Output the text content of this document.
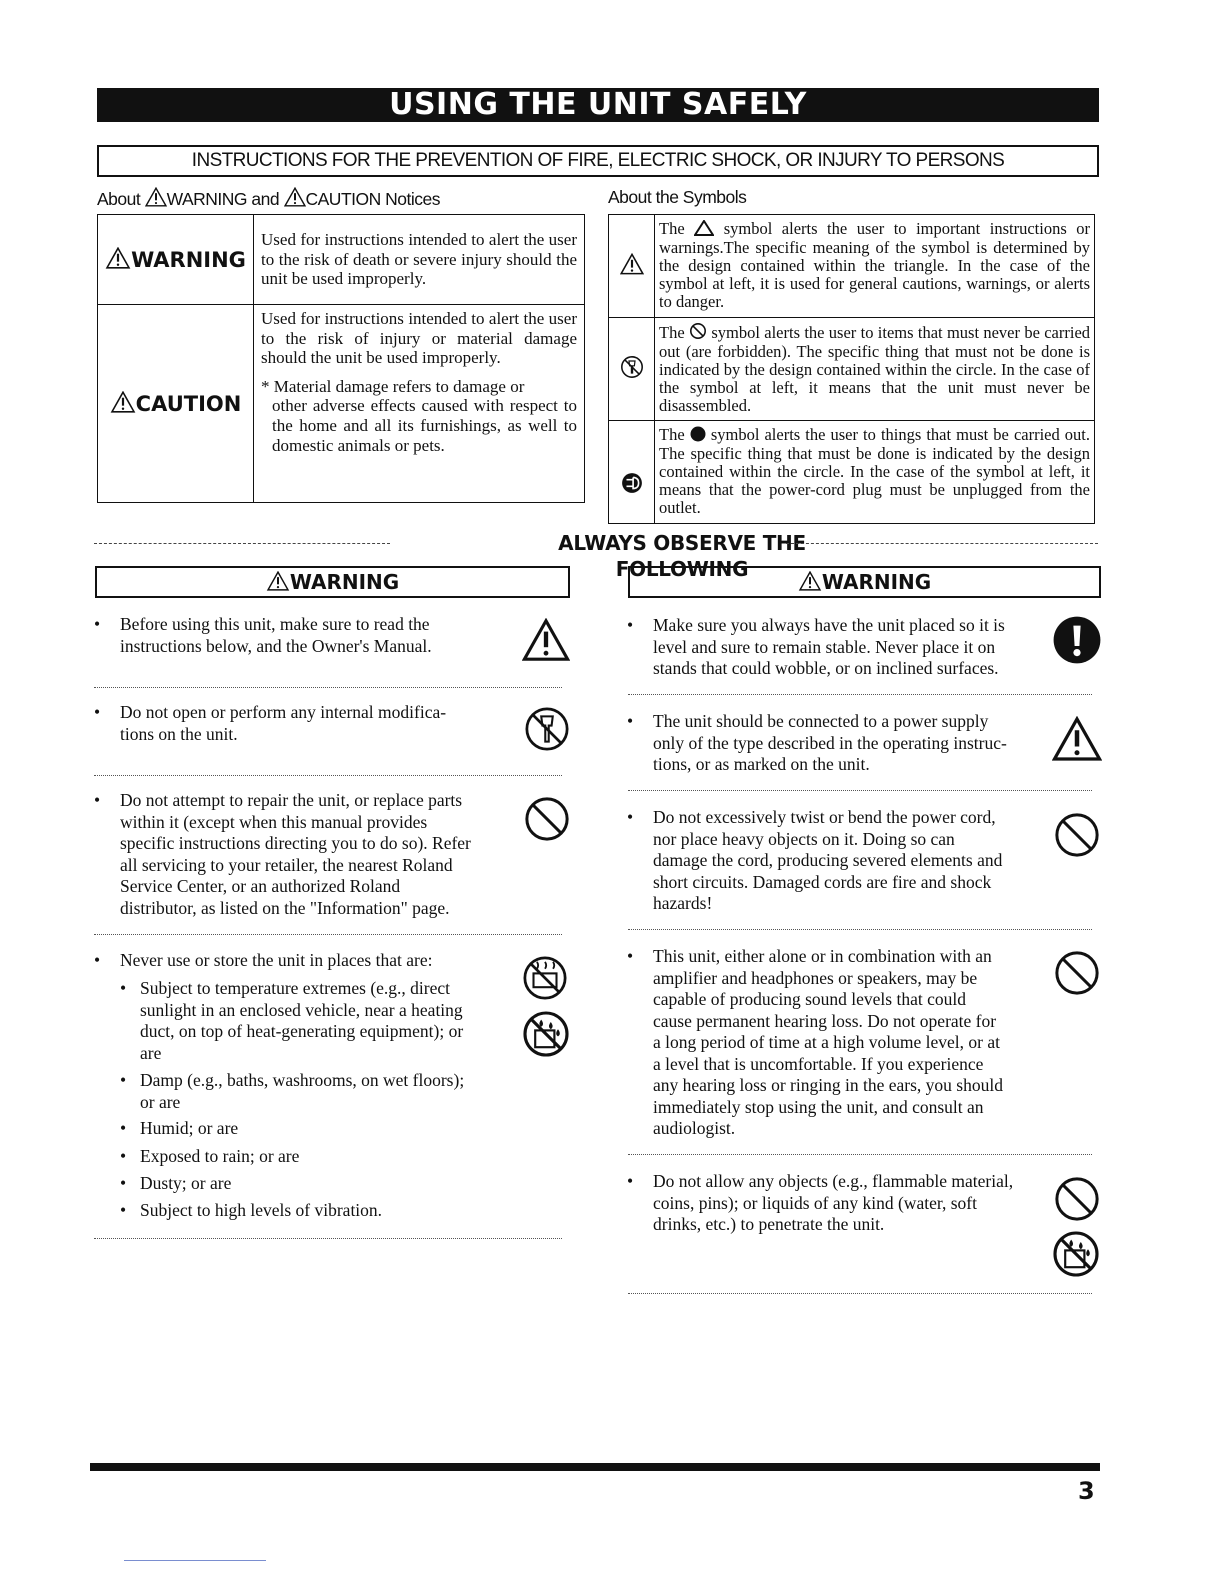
USING THE UNIT SAFELY
INSTRUCTIONS FOR THE PREVENTION OF FIRE, ELECTRIC SHOCK, OR INJURY TO PERSONS
About WARNING and CAUTION Notices
WARNING	Used for instructions intended to alert the user to the risk of death or severe injury should the unit be used improperly.
CAUTION	Used for instructions intended to alert the user to the risk of injury or material damage should the unit be used improperly.
* Material damage refers to damage or
other adverse effects caused with respect to the home and all its furnishings, as well to domestic animals or pets.
About the Symbols
	The symbol alerts the user to important instructions or warnings.The specific meaning of the symbol is determined by the design contained within the triangle. In the case of the symbol at left, it is used for general cautions, warnings, or alerts to danger.
	The symbol alerts the user to items that must never be carried out (are forbidden). The specific thing that must not be done is indicated by the design contained within the circle. In the case of the symbol at left, it means that the unit must never be disassembled.
	The symbol alerts the user to things that must be carried out. The specific thing that must be done is indicated by the design contained within the circle. In the case of the symbol at left, it means that the power-cord plug must be unplugged from the outlet.
ALWAYS OBSERVE THE FOLLOWING
WARNING	WARNING
• Before using this unit, make sure to read the
instructions below, and the Owner's Manual.
• Do not open or perform any internal modifica-
tions on the unit.
• Do not attempt to repair the unit, or replace parts
within it (except when this manual provides
specific instructions directing you to do so). Refer
all servicing to your retailer, the nearest Roland
Service Center, or an authorized Roland
distributor, as listed on the "Information" page.
• Never use or store the unit in places that are:
• Subject to temperature extremes (e.g., direct
sunlight in an enclosed vehicle, near a heating
duct, on top of heat-generating equipment); or
are
• Damp (e.g., baths, washrooms, on wet floors);
or are
• Humid; or are
• Exposed to rain; or are
• Dusty; or are
• Subject to high levels of vibration.
• Make sure you always have the unit placed so it is
level and sure to remain stable. Never place it on
stands that could wobble, or on inclined surfaces.
• The unit should be connected to a power supply
only of the type described in the operating instruc-
tions, or as marked on the unit.
• Do not excessively twist or bend the power cord,
nor place heavy objects on it. Doing so can
damage the cord, producing severed elements and
short circuits. Damaged cords are fire and shock
hazards!
• This unit, either alone or in combination with an
amplifier and headphones or speakers, may be
capable of producing sound levels that could
cause permanent hearing loss. Do not operate for
a long period of time at a high volume level, or at
a level that is uncomfortable. If you experience
any hearing loss or ringing in the ears, you should
immediately stop using the unit, and consult an
audiologist.
• Do not allow any objects (e.g., flammable material,
coins, pins); or liquids of any kind (water, soft
drinks, etc.) to penetrate the unit.
3
